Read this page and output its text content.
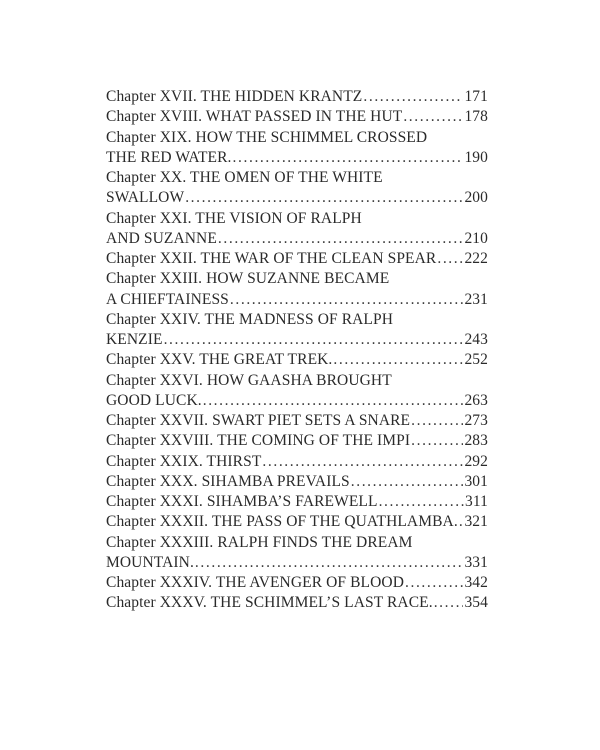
Chapter XVII. THE HIDDEN KRANTZ .....	171
Chapter XVIII. WHAT PASSED IN THE HUT .....	178
Chapter XIX. HOW THE SCHIMMEL CROSSED
THE RED WATER. .....	190
Chapter XX. THE OMEN OF THE WHITE
SWALLOW .....	200
Chapter XXI. THE VISION OF RALPH
AND SUZANNE .....	210
Chapter XXII. THE WAR OF THE CLEAN SPEAR ..... 222
Chapter XXIII. HOW SUZANNE BECAME
A CHIEFTAINESS .....	231
Chapter XXIV. THE MADNESS OF RALPH
KENZIE .....	243
Chapter XXV. THE GREAT TREK. .....	252
Chapter XXVI. HOW GAASHA BROUGHT
GOOD LUCK. .....	263
Chapter XXVII. SWART PIET SETS A SNARE .....	273
Chapter XXVIII. THE COMING OF THE IMPI .....	283
Chapter XXIX. THIRST .....	292
Chapter XXX. SIHAMBA PREVAILS .....	301
Chapter XXXI. SIHAMBA’S FAREWELL .....	311
Chapter XXXII. THE PASS OF THE QUATHLAMBA. ..... 321
Chapter XXXIII. RALPH FINDS THE DREAM
MOUNTAIN. .....	331
Chapter XXXIV. THE AVENGER OF BLOOD .....	342
Chapter XXXV. THE SCHIMMEL’S LAST RACE. ..... 354
